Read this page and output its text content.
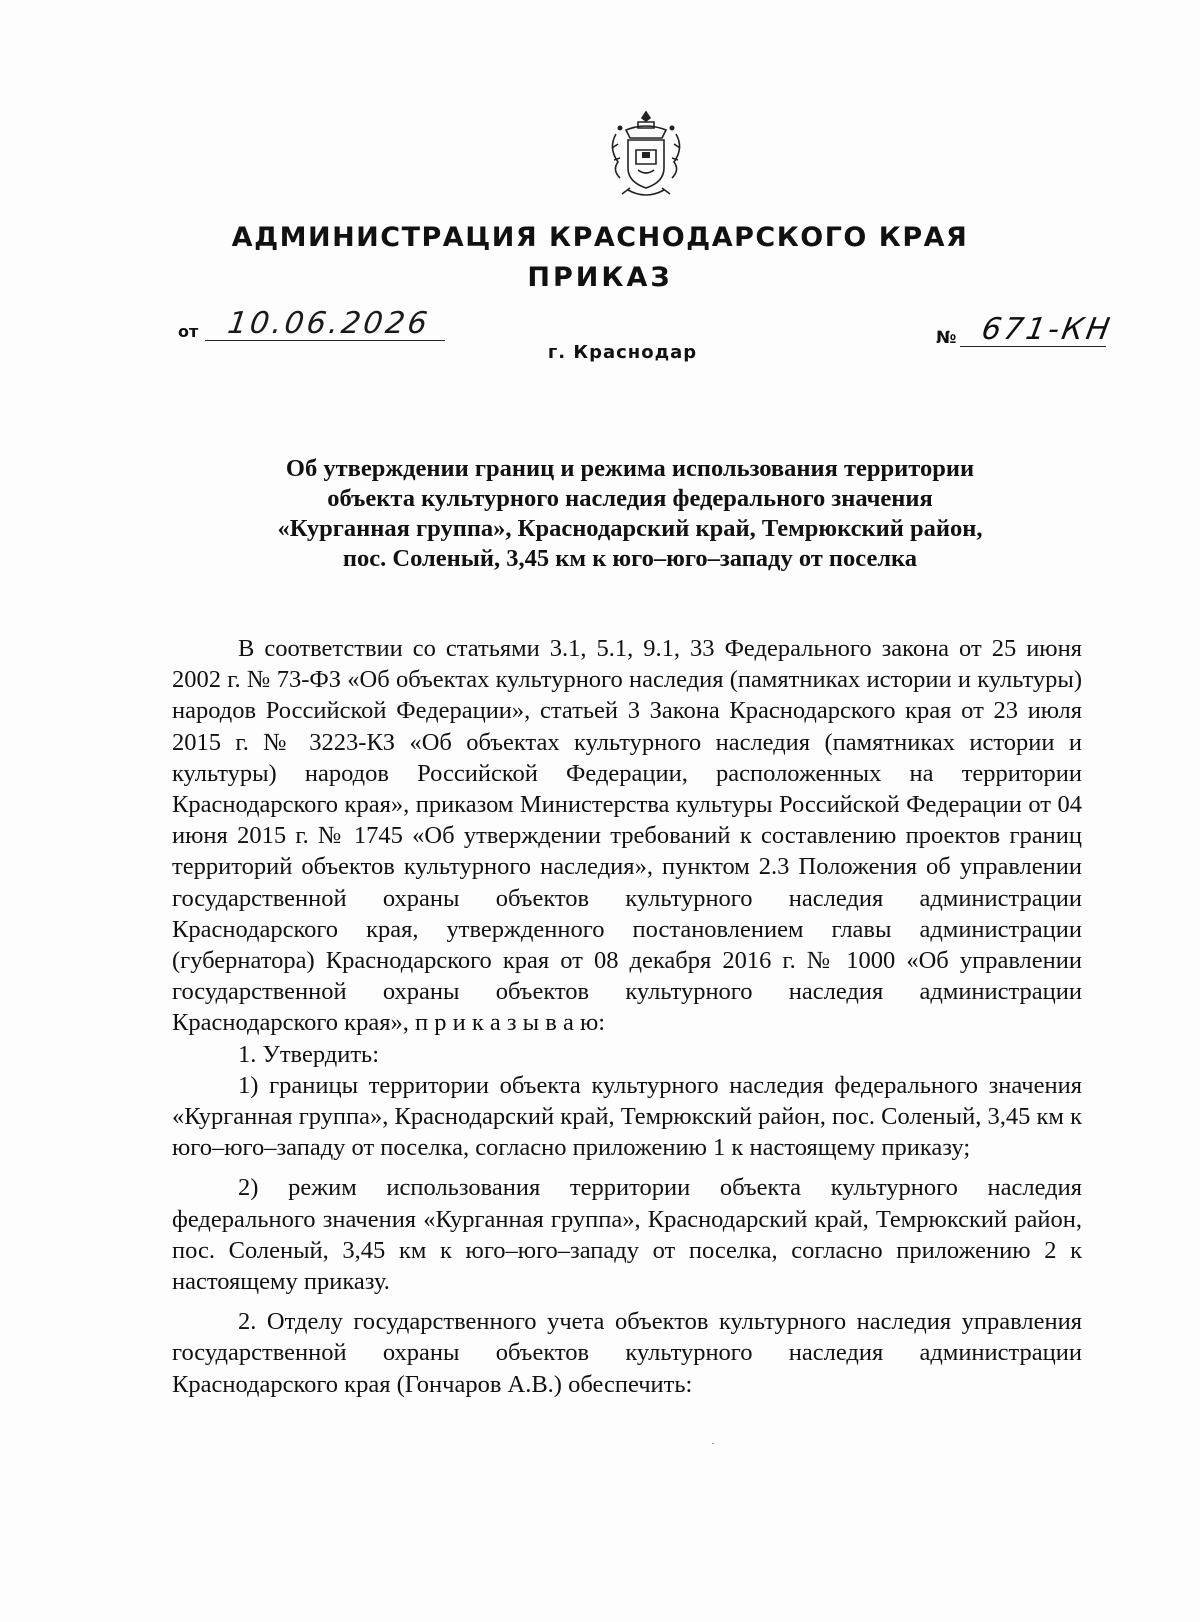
АДМИНИСТРАЦИЯ КРАСНОДАРСКОГО КРАЯ
ПРИКАЗ
от 10.06.2026	№ 671-КН
г. Краснодар
Об утверждении границ и режима использования территории
объекта культурного наследия федерального значения
«Курганная группа», Краснодарский край, Темрюкский район,
пос. Соленый, 3,45 км к юго–юго–западу от поселка

В соответствии со статьями 3.1, 5.1, 9.1, 33 Федерального закона от 25 июня 2002 г. № 73-ФЗ «Об объектах культурного наследия (памятниках истории и культуры) народов Российской Федерации», статьей 3 Закона Краснодарского края от 23 июля 2015 г. № 3223-КЗ «Об объектах культурного наследия (памятниках истории и культуры) народов Российской Федерации, расположенных на территории Краснодарского края», приказом Министерства культуры Российской Федерации от 04 июня 2015 г. № 1745 «Об утверждении требований к составлению проектов границ территорий объектов культурного наследия», пунктом 2.3 Положения об управлении государственной охраны объектов культурного наследия администрации Краснодарского края, утвержденного постановлением главы администрации (губернатора) Краснодарского края от 08 декабря 2016 г. № 1000 «Об управлении государственной охраны объектов культурного наследия администрации Краснодарского края», п р и к а з ы в а ю:

1. Утвердить:

1) границы территории объекта культурного наследия федерального значения «Курганная группа», Краснодарский край, Темрюкский район, пос. Соленый, 3,45 км к юго–юго–западу от поселка, согласно приложению 1 к настоящему приказу;

2) режим использования территории объекта культурного наследия федерального значения «Курганная группа», Краснодарский край, Темрюкский район, пос. Соленый, 3,45 км к юго–юго–западу от поселка, согласно приложению 2 к настоящему приказу.

2. Отделу государственного учета объектов культурного наследия управления государственной охраны объектов культурного наследия администрации Краснодарского края (Гончаров А.В.) обеспечить:
